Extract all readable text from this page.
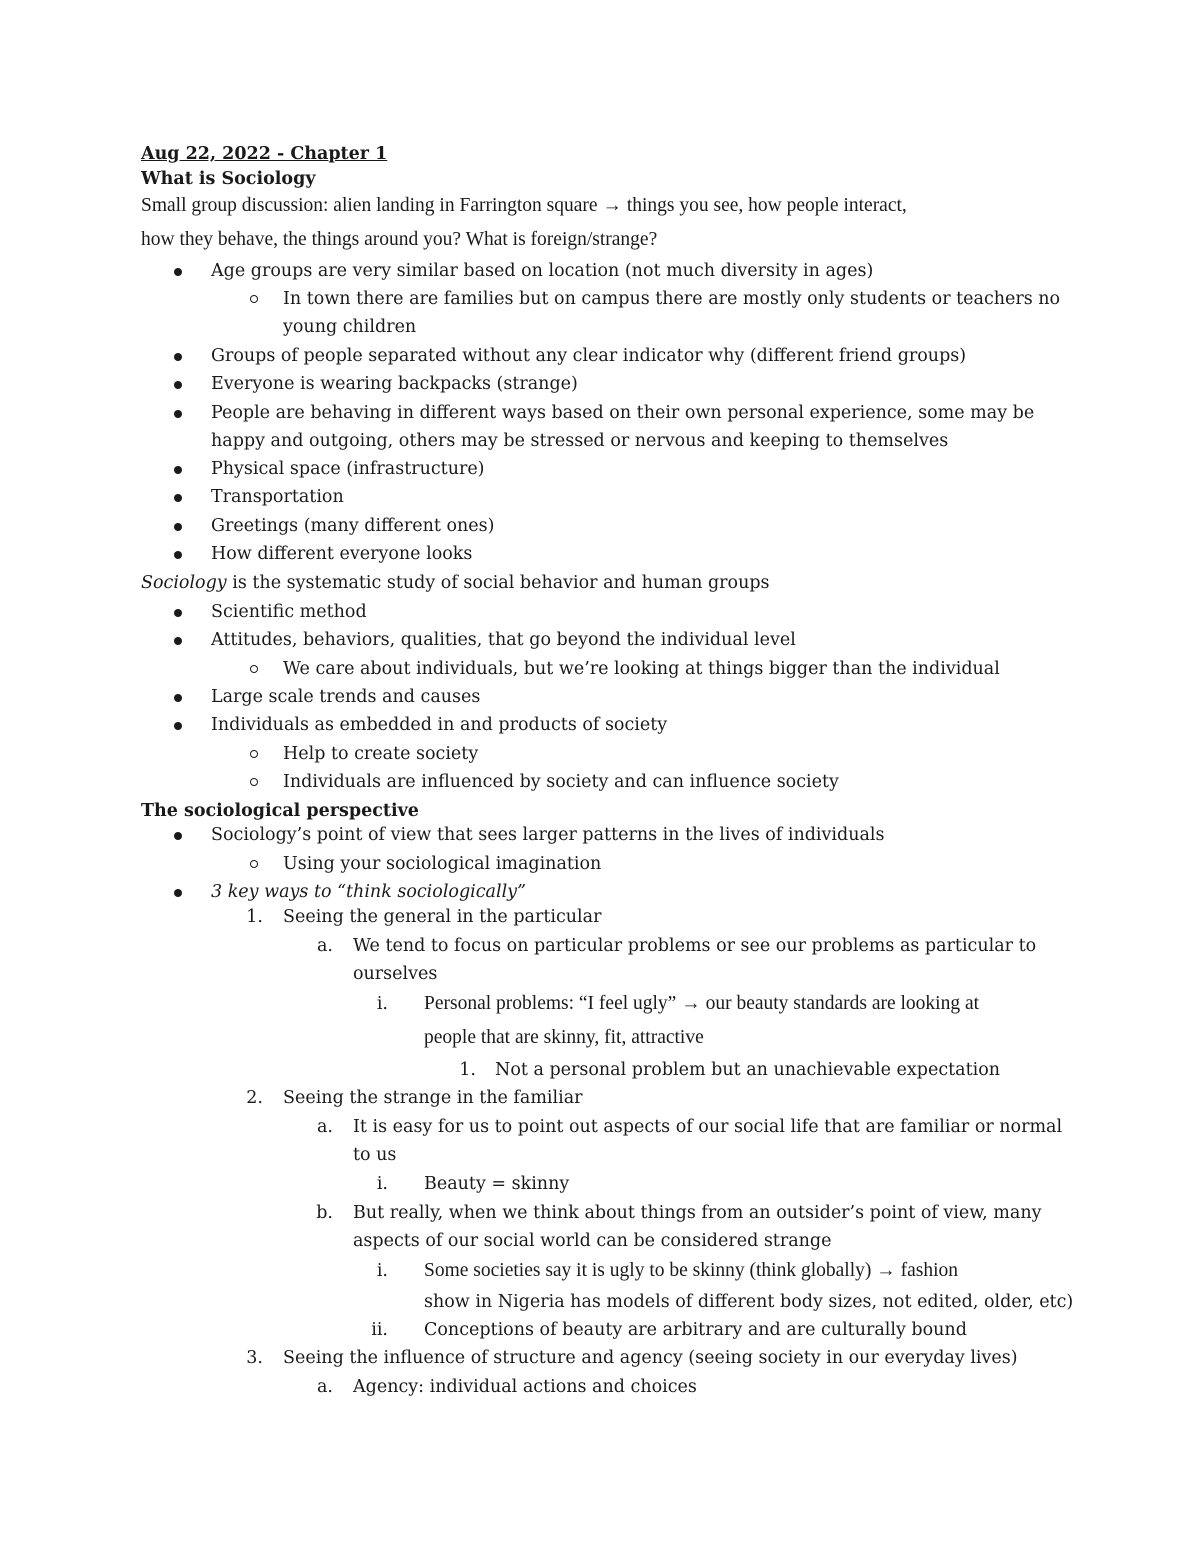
Aug 22, 2022 - Chapter 1
What is Sociology
Small group discussion: alien landing in Farrington square → things you see, how people interact,
how they behave, the things around you? What is foreign/strange?
Age groups are very similar based on location (not much diversity in ages)
In town there are families but on campus there are mostly only students or teachers no
young children
Groups of people separated without any clear indicator why (different friend groups)
Everyone is wearing backpacks (strange)
People are behaving in different ways based on their own personal experience, some may be
happy and outgoing, others may be stressed or nervous and keeping to themselves
Physical space (infrastructure)
Transportation
Greetings (many different ones)
How different everyone looks
Sociology is the systematic study of social behavior and human groups
Scientific method
Attitudes, behaviors, qualities, that go beyond the individual level
We care about individuals, but we’re looking at things bigger than the individual
Large scale trends and causes
Individuals as embedded in and products of society
Help to create society
Individuals are influenced by society and can influence society
The sociological perspective
Sociology’s point of view that sees larger patterns in the lives of individuals
Using your sociological imagination
3 key ways to “think sociologically”
1. Seeing the general in the particular
a. We tend to focus on particular problems or see our problems as particular to
ourselves
i. Personal problems: “I feel ugly” → our beauty standards are looking at
people that are skinny, fit, attractive
1. Not a personal problem but an unachievable expectation
2. Seeing the strange in the familiar
a. It is easy for us to point out aspects of our social life that are familiar or normal
to us
i. Beauty = skinny
b. But really, when we think about things from an outsider’s point of view, many
aspects of our social world can be considered strange
i. Some societies say it is ugly to be skinny (think globally) → fashion
show in Nigeria has models of different body sizes, not edited, older, etc)
ii. Conceptions of beauty are arbitrary and are culturally bound
3. Seeing the influence of structure and agency (seeing society in our everyday lives)
a. Agency: individual actions and choices
